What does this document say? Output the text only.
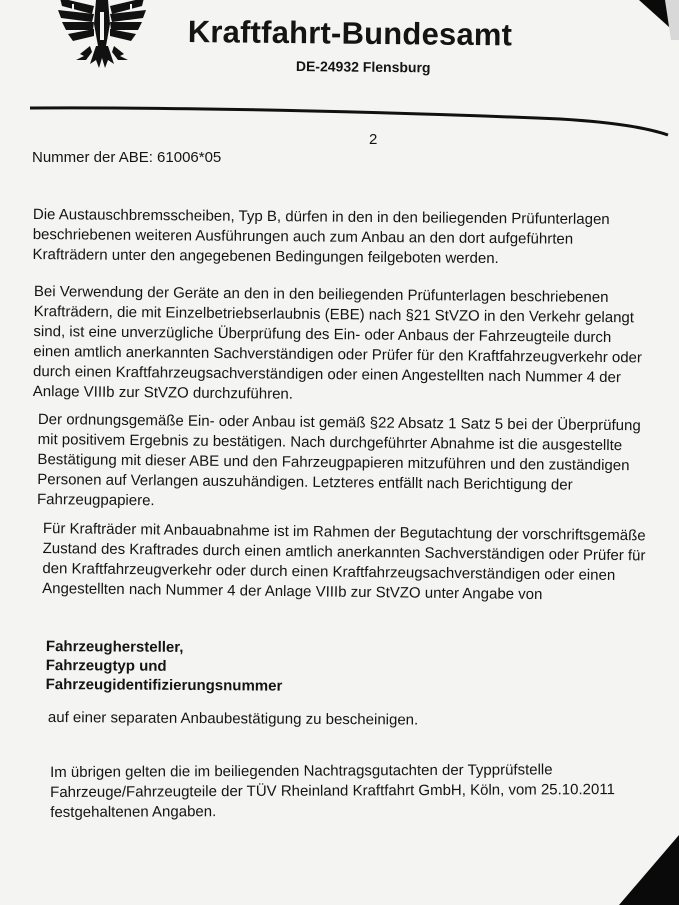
Kraftfahrt-Bundesamt
DE-24932 Flensburg
2
Nummer der ABE: 61006*05
Die Austauschbremsscheiben, Typ B, dürfen in den in den beiliegenden Prüfunterlagen
beschriebenen weiteren Ausführungen auch zum Anbau an den dort aufgeführten
Krafträdern unter den angegebenen Bedingungen feilgeboten werden.
Bei Verwendung der Geräte an den in den beiliegenden Prüfunterlagen beschriebenen
Krafträdern, die mit Einzelbetriebserlaubnis (EBE) nach §21 StVZO in den Verkehr gelangt
sind, ist eine unverzügliche Überprüfung des Ein- oder Anbaus der Fahrzeugteile durch
einen amtlich anerkannten Sachverständigen oder Prüfer für den Kraftfahrzeugverkehr oder
durch einen Kraftfahrzeugsachverständigen oder einen Angestellten nach Nummer 4 der
Anlage VIIIb zur StVZO durchzuführen.
Der ordnungsgemäße Ein- oder Anbau ist gemäß §22 Absatz 1 Satz 5 bei der Überprüfung
mit positivem Ergebnis zu bestätigen. Nach durchgeführter Abnahme ist die ausgestellte
Bestätigung mit dieser ABE und den Fahrzeugpapieren mitzuführen und den zuständigen
Personen auf Verlangen auszuhändigen. Letzteres entfällt nach Berichtigung der
Fahrzeugpapiere.
Für Krafträder mit Anbauabnahme ist im Rahmen der Begutachtung der vorschriftsgemäße
Zustand des Kraftrades durch einen amtlich anerkannten Sachverständigen oder Prüfer für
den Kraftfahrzeugverkehr oder durch einen Kraftfahrzeugsachverständigen oder einen
Angestellten nach Nummer 4 der Anlage VIIIb zur StVZO unter Angabe von
Fahrzeughersteller,
Fahrzeugtyp und
Fahrzeugidentifizierungsnummer
auf einer separaten Anbaubestätigung zu bescheinigen.
Im übrigen gelten die im beiliegenden Nachtragsgutachten der Typprüfstelle
Fahrzeuge/Fahrzeugteile der TÜV Rheinland Kraftfahrt GmbH, Köln, vom 25.10.2011
festgehaltenen Angaben.
